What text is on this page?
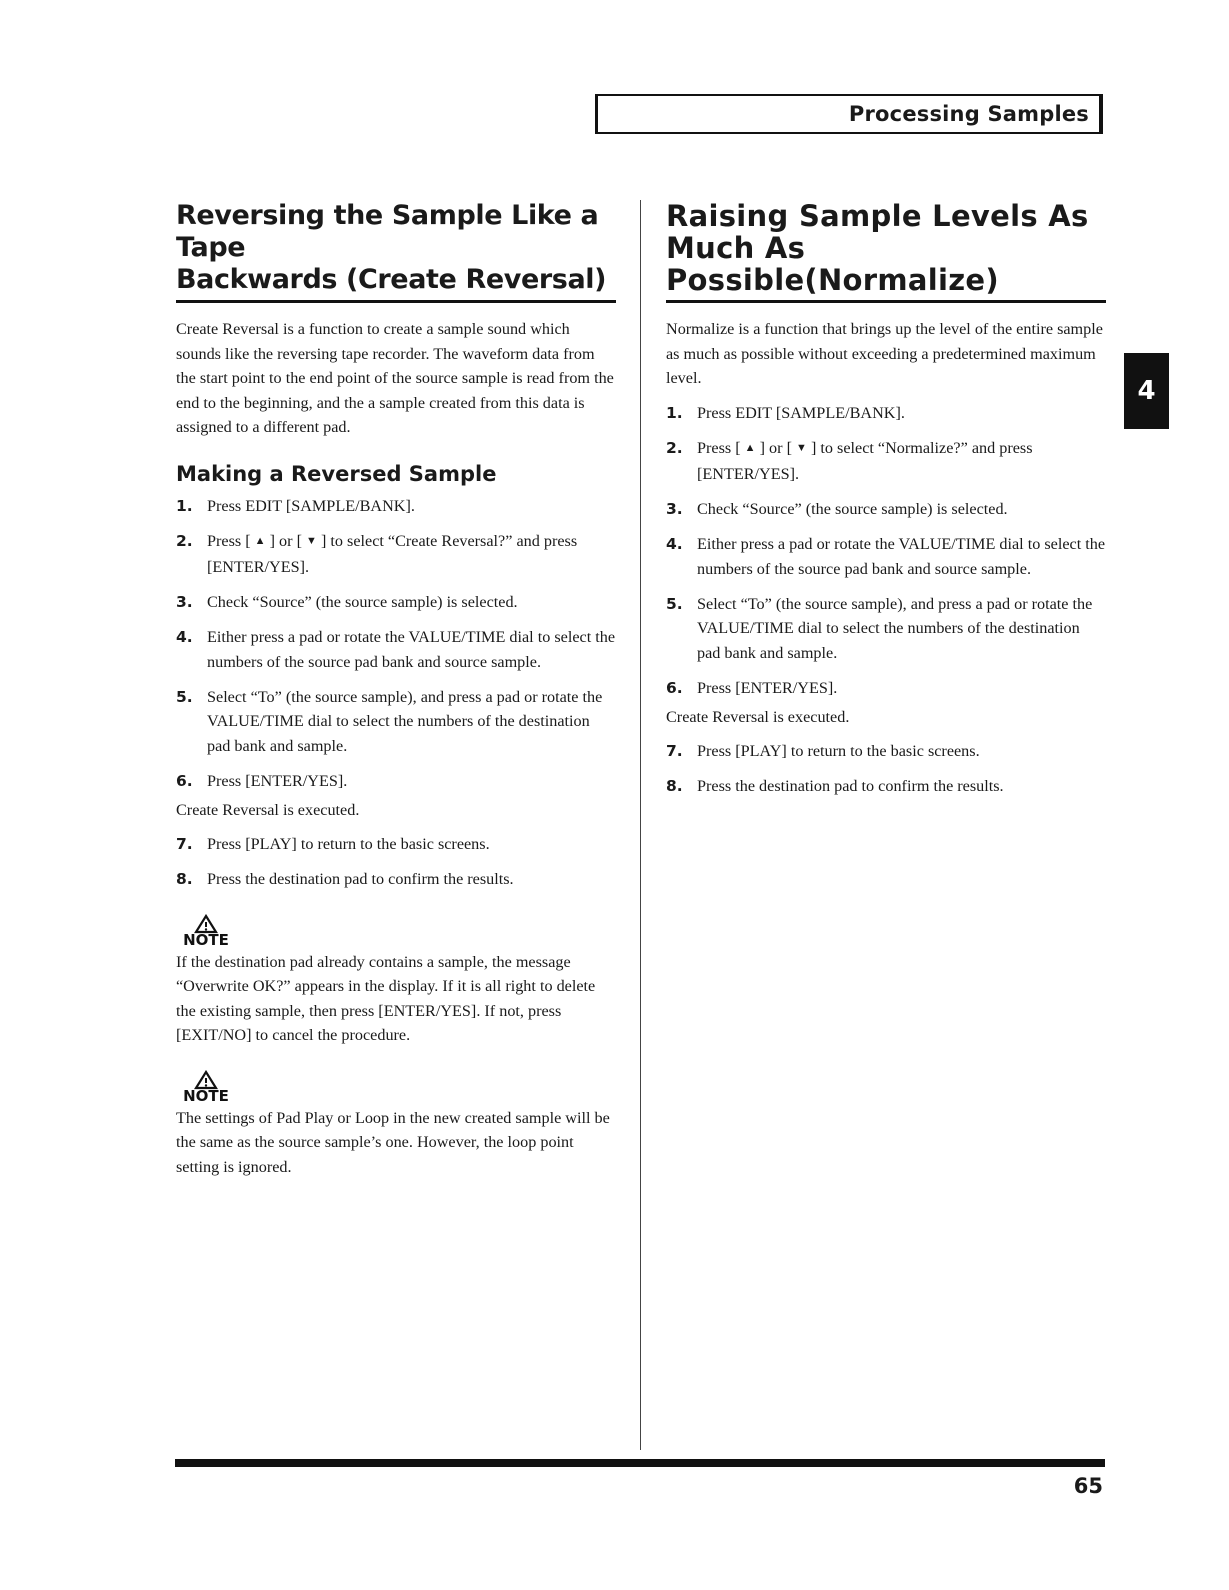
Processing Samples
4
Reversing the Sample Like a Tape
Backwards (Create Reversal)

Create Reversal is a function to create a sample sound which sounds like the reversing tape recorder. The waveform data from the start point to the end point of the source sample is read from the end to the beginning, and the a sample created from this data is assigned to a different pad.

Making a Reversed Sample
1. Press EDIT [SAMPLE/BANK].
2. Press [ ▲ ] or [ ▼ ] to select “Create Reversal?” and press [ENTER/YES].
3. Check “Source” (the source sample) is selected.
4. Either press a pad or rotate the VALUE/TIME dial to select the numbers of the source pad bank and source sample.
5. Select “To” (the source sample), and press a pad or rotate the VALUE/TIME dial to select the numbers of the destination pad bank and sample.
6. Press [ENTER/YES].

Create Reversal is executed.

7. Press [PLAY] to return to the basic screens.
8. Press the destination pad to confirm the results.
NOTE

If the destination pad already contains a sample, the message “Overwrite OK?” appears in the display. If it is all right to delete the existing sample, then press [ENTER/YES]. If not, press [EXIT/NO] to cancel the procedure.

NOTE

The settings of Pad Play or Loop in the new created sample will be the same as the source sample’s one. However, the loop point setting is ignored.

Raising Sample Levels As
Much As Possible(Normalize)

Normalize is a function that brings up the level of the entire sample as much as possible without exceeding a predetermined maximum level.

1. Press EDIT [SAMPLE/BANK].
2. Press [ ▲ ] or [ ▼ ] to select “Normalize?” and press [ENTER/YES].
3. Check “Source” (the source sample) is selected.
4. Either press a pad or rotate the VALUE/TIME dial to select the numbers of the source pad bank and source sample.
5. Select “To” (the source sample), and press a pad or rotate the VALUE/TIME dial to select the numbers of the destination pad bank and sample.
6. Press [ENTER/YES].

Create Reversal is executed.

7. Press [PLAY] to return to the basic screens.
8. Press the destination pad to confirm the results.
65
